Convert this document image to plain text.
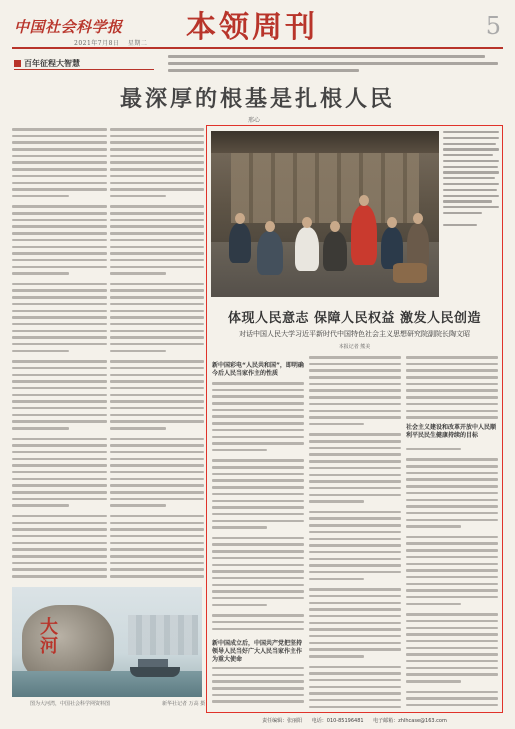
中国社会科学报
2021年7月8日 星期二 本领周刊	5
百年征程大智慧
最深厚的根基是扎根人民
邢心
大河
图为大河湾，中国社会科学网资料图	新华社记者 万高 摄
体现人民意志 保障人民权益 激发人民创造
对话中国人民大学习近平新时代中国特色社会主义思想研究院副院长陶文昭
本报记者 熊美
新中国彩电“人民共和国”，即明确今后人民当家作主的性质
新中国成立后，中国共产党把坚持领导人民当好广大人民当家作主作为重大使命
社会主义建设和改革开放中人民顺利平民民生健康持续的目标
责任编辑：张丽阳 电话：010-85196481 电子邮箱：zhlhcase@163.com
